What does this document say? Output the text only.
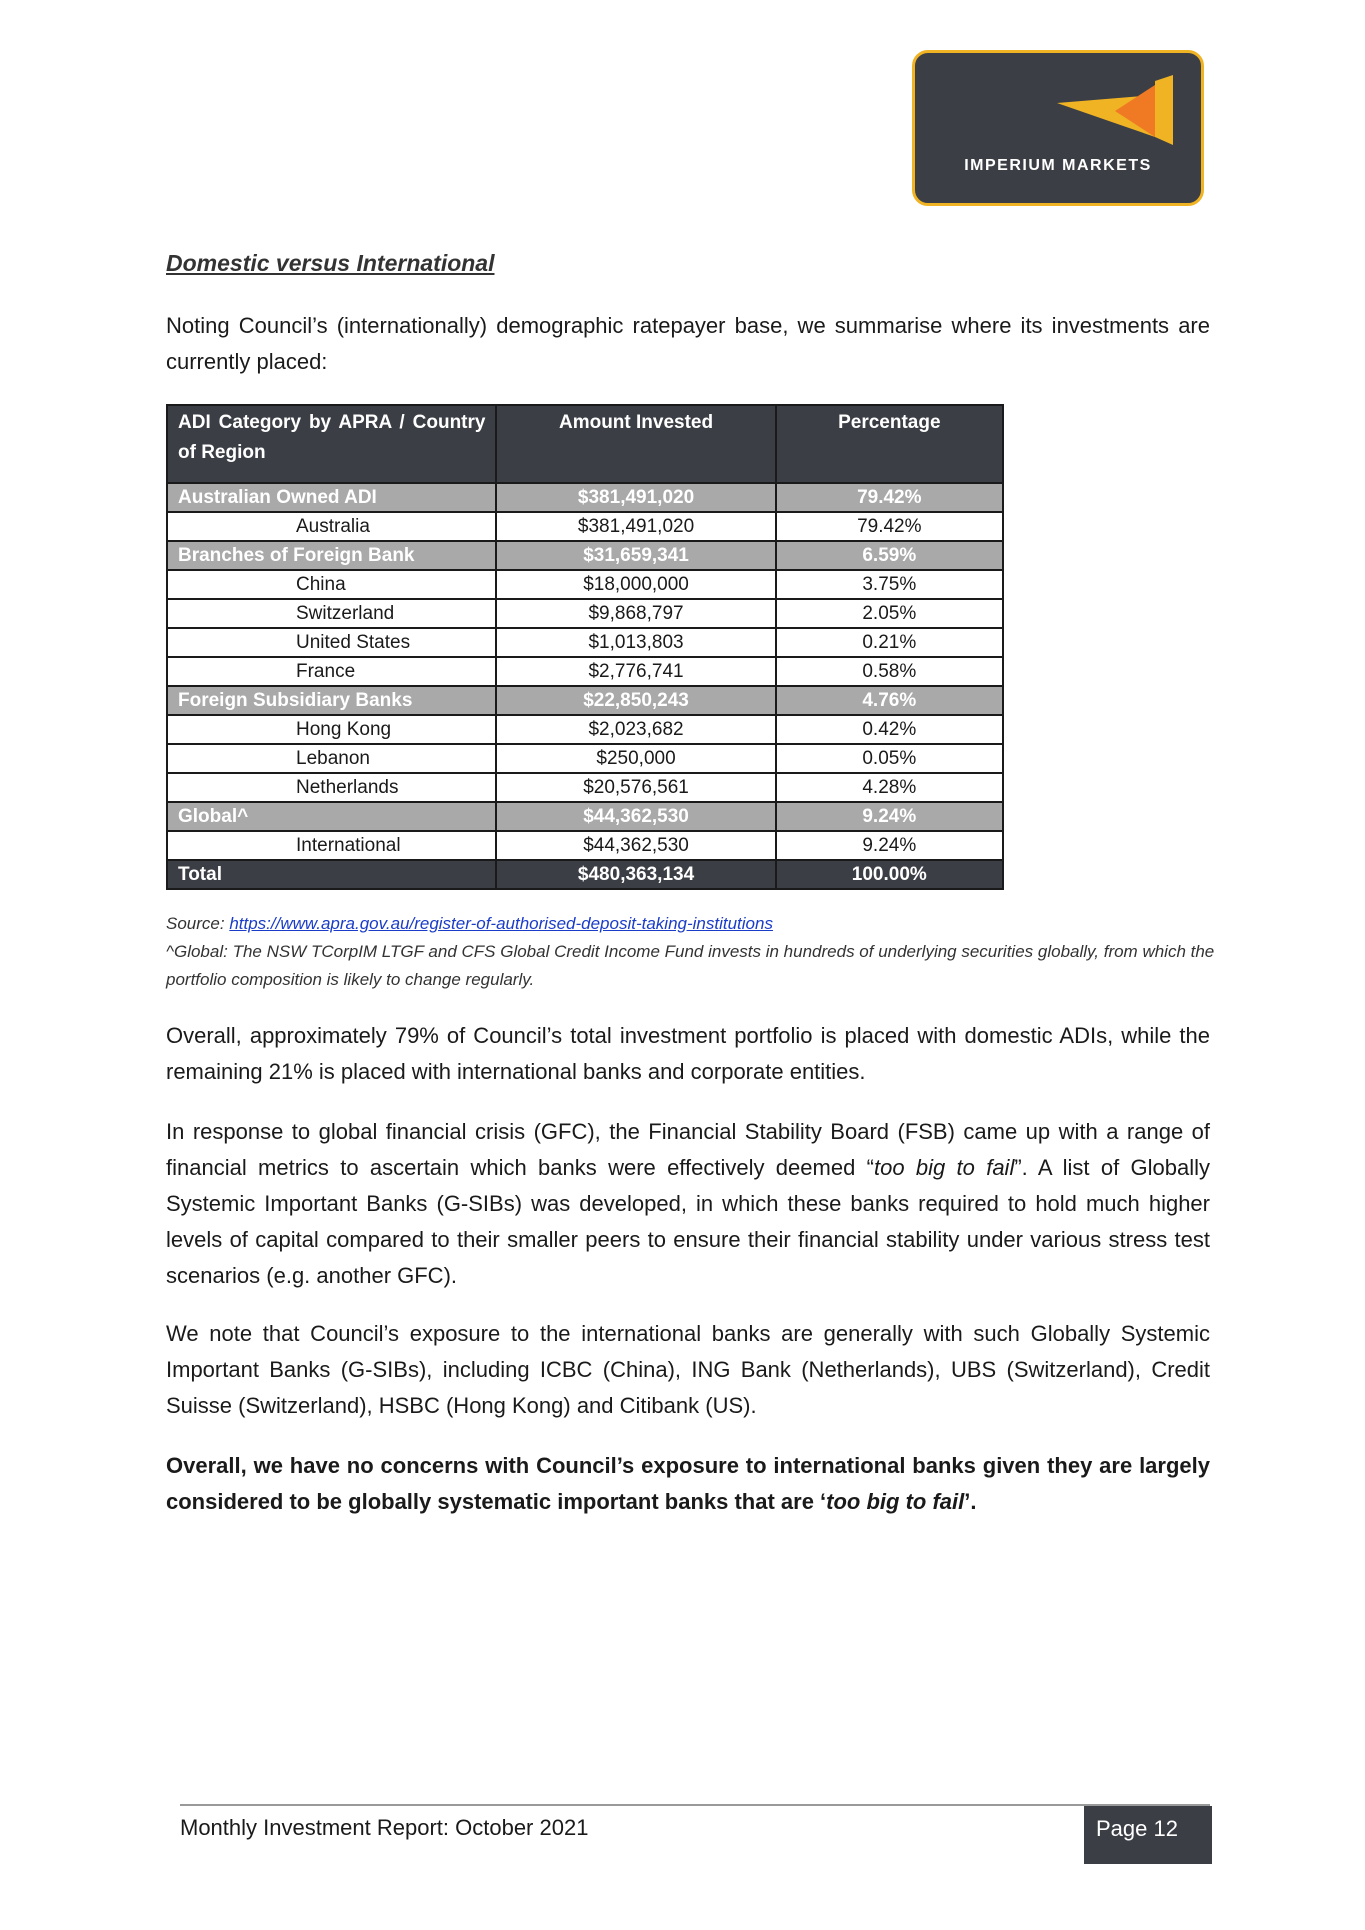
IMPERIUM MARKETS
Domestic versus International
Noting Council’s (internationally) demographic ratepayer base, we summarise where its investments are currently placed:
ADI Category by APRA / Country of Region	Amount Invested	Percentage
Australian Owned ADI	$381,491,020	79.42%
Australia	$381,491,020	79.42%
Branches of Foreign Bank	$31,659,341	6.59%
China	$18,000,000	3.75%
Switzerland	$9,868,797	2.05%
United States	$1,013,803	0.21%
France	$2,776,741	0.58%
Foreign Subsidiary Banks	$22,850,243	4.76%
Hong Kong	$2,023,682	0.42%
Lebanon	$250,000	0.05%
Netherlands	$20,576,561	4.28%
Global^	$44,362,530	9.24%
International	$44,362,530	9.24%
Total	$480,363,134	100.00%
Source: https://www.apra.gov.au/register-of-authorised-deposit-taking-institutions
^Global: The NSW TCorpIM LTGF and CFS Global Credit Income Fund invests in hundreds of underlying securities globally, from which the portfolio composition is likely to change regularly.
Overall, approximately 79% of Council’s total investment portfolio is placed with domestic ADIs, while the remaining 21% is placed with international banks and corporate entities.
In response to global financial crisis (GFC), the Financial Stability Board (FSB) came up with a range of financial metrics to ascertain which banks were effectively deemed “too big to fail”. A list of Globally Systemic Important Banks (G-SIBs) was developed, in which these banks required to hold much higher levels of capital compared to their smaller peers to ensure their financial stability under various stress test scenarios (e.g. another GFC).
We note that Council’s exposure to the international banks are generally with such Globally Systemic Important Banks (G-SIBs), including ICBC (China), ING Bank (Netherlands), UBS (Switzerland), Credit Suisse (Switzerland), HSBC (Hong Kong) and Citibank (US).
Overall, we have no concerns with Council’s exposure to international banks given they are largely considered to be globally systematic important banks that are ‘too big to fail’.
Monthly Investment Report: October 2021	Page 12
